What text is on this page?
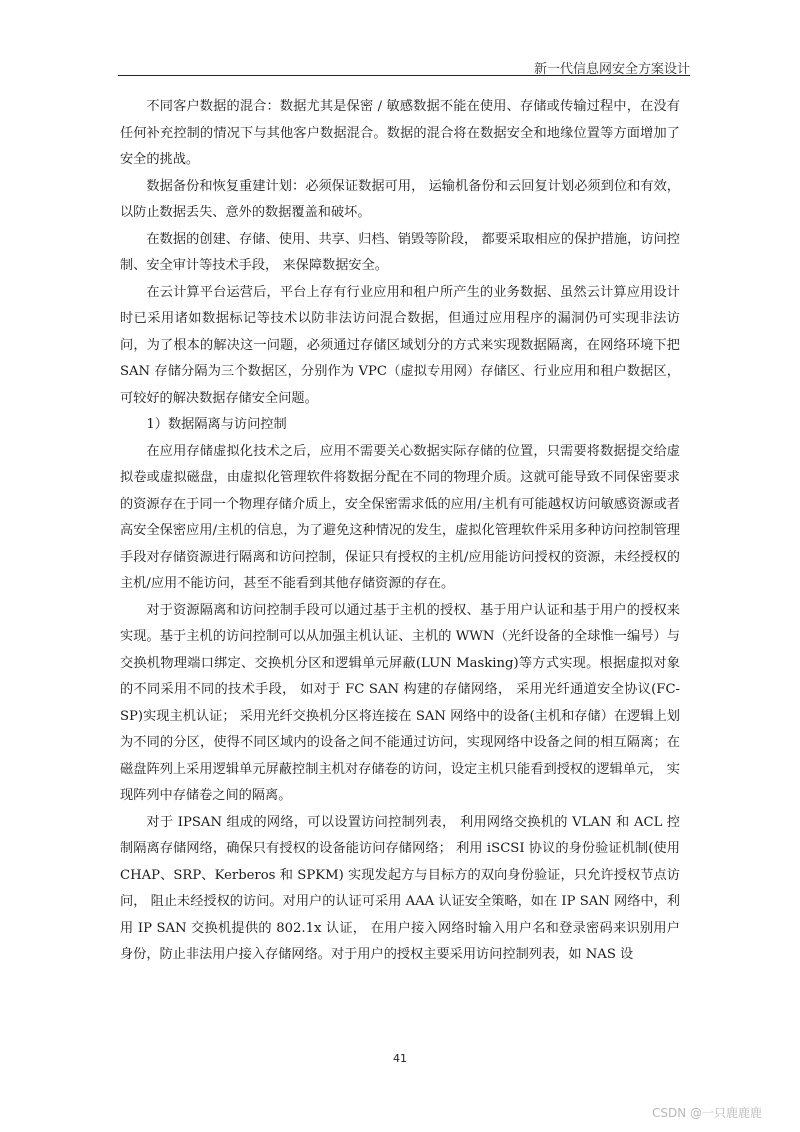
新一代信息网安全方案设计

不同客户数据的混合：数据尤其是保密 / 敏感数据不能在使用、存储或传输过程中，在没有任何补充控制的情况下与其他客户数据混合。数据的混合将在数据安全和地缘位置等方面增加了安全的挑战。

数据备份和恢复重建计划：必须保证数据可用， 运输机备份和云回复计划必须到位和有效，以防止数据丢失、意外的数据覆盖和破坏。

在数据的创建、存储、使用、共享、归档、销毁等阶段， 都要采取相应的保护措施，访问控制、安全审计等技术手段， 来保障数据安全。

在云计算平台运营后，平台上存有行业应用和租户所产生的业务数据、虽然云计算应用设计时已采用诸如数据标记等技术以防非法访问混合数据，但通过应用程序的漏洞仍可实现非法访问，为了根本的解决这一问题，必须通过存储区域划分的方式来实现数据隔离，在网络环境下把 SAN 存储分隔为三个数据区，分别作为 VPC（虚拟专用网）存储区、行业应用和租户数据区，可较好的解决数据存储安全问题。

1）数据隔离与访问控制

在应用存储虚拟化技术之后，应用不需要关心数据实际存储的位置，只需要将数据提交给虚拟卷或虚拟磁盘，由虚拟化管理软件将数据分配在不同的物理介质。这就可能导致不同保密要求的资源存在于同一个物理存储介质上，安全保密需求低的应用/主机有可能越权访问敏感资源或者高安全保密应用/主机的信息，为了避免这种情况的发生，虚拟化管理软件采用多种访问控制管理手段对存储资源进行隔离和访问控制，保证只有授权的主机/应用能访问授权的资源，未经授权的主机/应用不能访问，甚至不能看到其他存储资源的存在。

对于资源隔离和访问控制手段可以通过基于主机的授权、基于用户认证和基于用户的授权来实现。基于主机的访问控制可以从加强主机认证、主机的 WWN（光纤设备的全球惟一编号）与交换机物理端口绑定、交换机分区和逻辑单元屏蔽(LUN Masking)等方式实现。根据虚拟对象的不同采用不同的技术手段， 如对于 FC SAN 构建的存储网络， 采用光纤通道安全协议(FC-SP)实现主机认证； 采用光纤交换机分区将连接在 SAN 网络中的设备(主机和存储）在逻辑上划为不同的分区，使得不同区域内的设备之间不能通过访问，实现网络中设备之间的相互隔离；在磁盘阵列上采用逻辑单元屏蔽控制主机对存储卷的访问，设定主机只能看到授权的逻辑单元， 实现阵列中存储卷之间的隔离。

对于 IPSAN 组成的网络，可以设置访问控制列表， 利用网络交换机的 VLAN 和 ACL 控制隔离存储网络，确保只有授权的设备能访问存储网络； 利用 iSCSI 协议的身份验证机制(使用 CHAP、SRP、Kerberos 和 SPKM) 实现发起方与目标方的双向身份验证，只允许授权节点访问， 阻止未经授权的访问。对用户的认证可采用 AAA 认证安全策略，如在 IP SAN 网络中，利用 IP SAN 交换机提供的 802.1x 认证， 在用户接入网络时输入用户名和登录密码来识别用户身份，防止非法用户接入存储网络。对于用户的授权主要采用访问控制列表，如 NAS 设

41
CSDN @一只鹿鹿鹿
